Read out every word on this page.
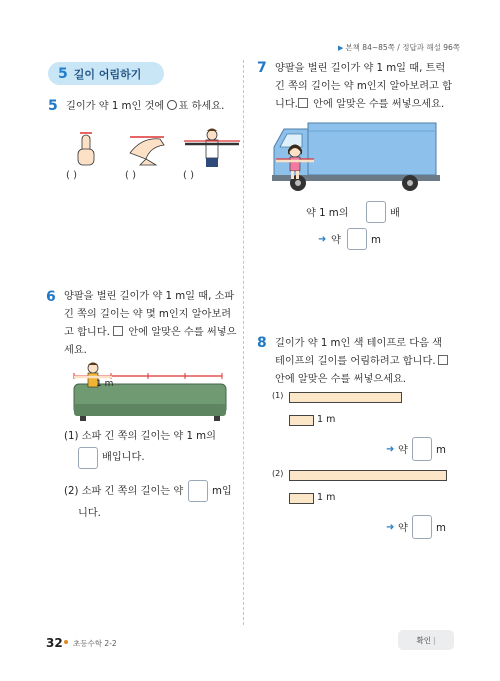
▶ 본책 84~85쪽 / 정답과 해설 96쪽
5 길이 어림하기
5 길이가 약 1 m인 것에 ○표 하세요.
( )	( )	( )
6 양팔을 벌린 길이가 약 1 m일 때, 소파
긴 쪽의 길이는 약 몇 m인지 알아보려
고 합니다.  안에 알맞은 수를 써넣으
세요.
1 m
(1) 소파 긴 쪽의 길이는 약 1 m의
배입니다.
(2) 소파 긴 쪽의 길이는 약	m입
니다.
7 양팔을 벌린 길이가 약 1 m일 때, 트럭
긴 쪽의 길이는 약 m인지 알아보려고 합
니다. 안에 알맞은 수를 써넣으세요.
약 1 m의	배
➜ 약	m
8 길이가 약 1 m인 색 테이프로 다음 색
테이프의 길이를 어림하려고 합니다.
안에 알맞은 수를 써넣으세요.
(1)
1 m
➜ 약	m
(2)
1 m
➜ 약	m
32 초등수학 2-2	확인 |
